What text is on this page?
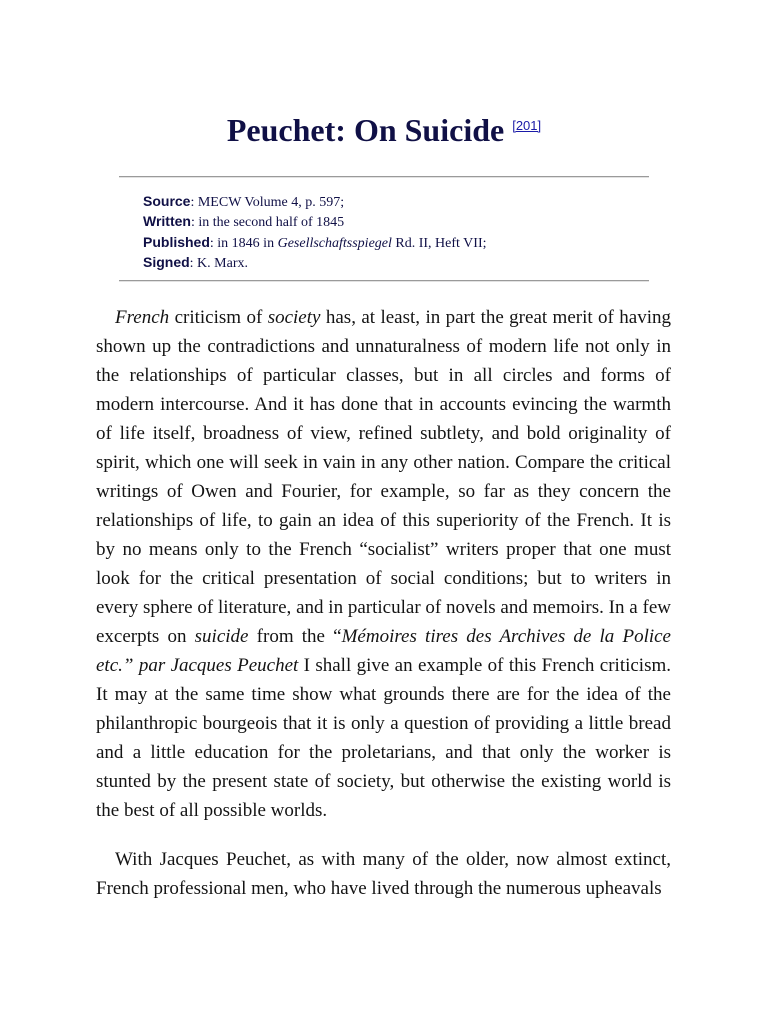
Peuchet: On Suicide [201]
Source: MECW Volume 4, p. 597;
Written: in the second half of 1845
Published: in 1846 in Gesellschaftsspiegel Rd. II, Heft VII;
Signed: K. Marx.

French criticism of society has, at least, in part the great merit of having shown up the contradictions and unnaturalness of modern life not only in the relationships of particular classes, but in all circles and forms of modern intercourse. And it has done that in accounts evincing the warmth of life itself, broadness of view, refined subtlety, and bold originality of spirit, which one will seek in vain in any other nation. Compare the critical writings of Owen and Fourier, for example, so far as they concern the relationships of life, to gain an idea of this superiority of the French. It is by no means only to the French “socialist” writers proper that one must look for the critical presentation of social conditions; but to writers in every sphere of literature, and in particular of novels and memoirs. In a few excerpts on suicide from the “Mémoires tires des Archives de la Police etc.” par Jacques Peuchet I shall give an example of this French criticism. It may at the same time show what grounds there are for the idea of the philanthropic bourgeois that it is only a question of providing a little bread and a little education for the proletarians, and that only the worker is stunted by the present state of society, but otherwise the existing world is the best of all possible worlds.

With Jacques Peuchet, as with many of the older, now almost extinct, French professional men, who have lived through the numerous upheavals
